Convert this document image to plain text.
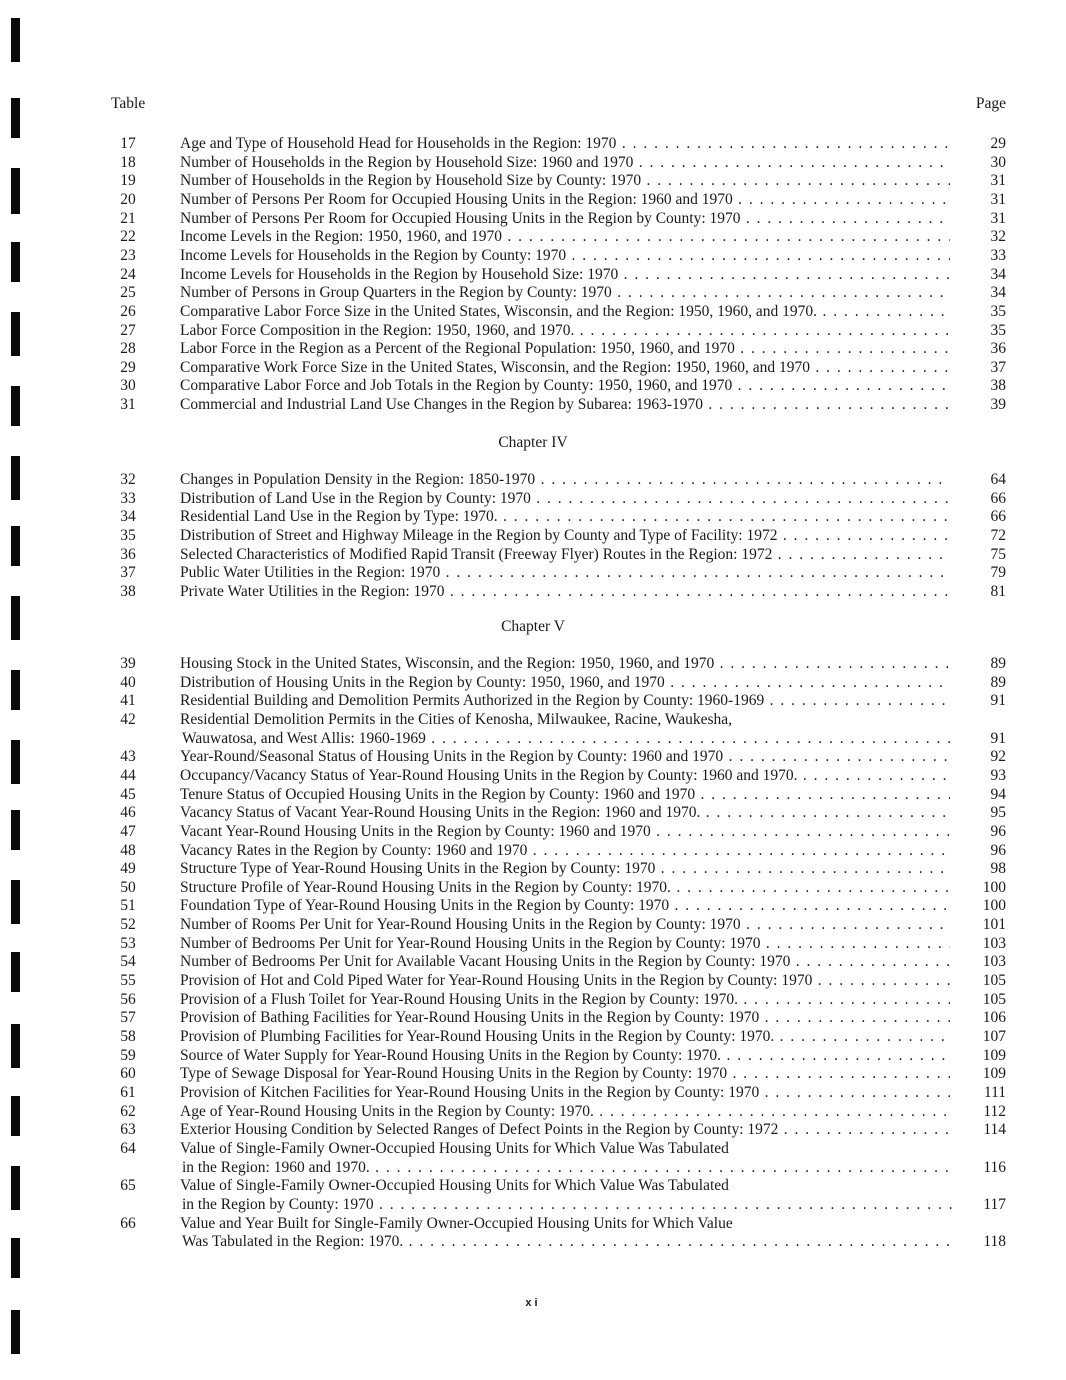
Table	Page
17	Age and Type of Household Head for Households in the Region: 1970 . . .	29
18	Number of Households in the Region by Household Size: 1960 and 1970 . . .	30
19	Number of Households in the Region by Household Size by County: 1970 . . .	31
20	Number of Persons Per Room for Occupied Housing Units in the Region: 1960 and 1970 . . .	31
21	Number of Persons Per Room for Occupied Housing Units in the Region by County: 1970 . . .	31
22	Income Levels in the Region: 1950, 1960, and 1970 . . .	32
23	Income Levels for Households in the Region by County: 1970 . . .	33
24	Income Levels for Households in the Region by Household Size: 1970 . . .	34
25	Number of Persons in Group Quarters in the Region by County: 1970 . . .	34
26	Comparative Labor Force Size in the United States, Wisconsin, and the Region: 1950, 1960, and 1970. . . .	35
27	Labor Force Composition in the Region: 1950, 1960, and 1970. . . .	35
28	Labor Force in the Region as a Percent of the Regional Population: 1950, 1960, and 1970 . . .	36
29	Comparative Work Force Size in the United States, Wisconsin, and the Region: 1950, 1960, and 1970 . . .	37
30	Comparative Labor Force and Job Totals in the Region by County: 1950, 1960, and 1970 . . .	38
31	Commercial and Industrial Land Use Changes in the Region by Subarea: 1963-1970 . . .	39
Chapter IV
32	Changes in Population Density in the Region: 1850-1970 . . .	64
33	Distribution of Land Use in the Region by County: 1970 . . .	66
34	Residential Land Use in the Region by Type: 1970. . . .	66
35	Distribution of Street and Highway Mileage in the Region by County and Type of Facility: 1972 . . .	72
36	Selected Characteristics of Modified Rapid Transit (Freeway Flyer) Routes in the Region: 1972 . . .	75
37	Public Water Utilities in the Region: 1970 . . .	79
38	Private Water Utilities in the Region: 1970 . . .	81
Chapter V
39	Housing Stock in the United States, Wisconsin, and the Region: 1950, 1960, and 1970 . . .	89
40	Distribution of Housing Units in the Region by County: 1950, 1960, and 1970 . . .	89
41	Residential Building and Demolition Permits Authorized in the Region by County: 1960-1969 . . .	91
42	Residential Demolition Permits in the Cities of Kenosha, Milwaukee, Racine, Waukesha,
Wauwatosa, and West Allis: 1960-1969 . . .	91
43	Year-Round/Seasonal Status of Housing Units in the Region by County: 1960 and 1970 . . .	92
44	Occupancy/Vacancy Status of Year-Round Housing Units in the Region by County: 1960 and 1970. . . .	93
45	Tenure Status of Occupied Housing Units in the Region by County: 1960 and 1970 . . .	94
46	Vacancy Status of Vacant Year-Round Housing Units in the Region: 1960 and 1970. . . .	95
47	Vacant Year-Round Housing Units in the Region by County: 1960 and 1970 . . .	96
48	Vacancy Rates in the Region by County: 1960 and 1970 . . .	96
49	Structure Type of Year-Round Housing Units in the Region by County: 1970 . . .	98
50	Structure Profile of Year-Round Housing Units in the Region by County: 1970. . . .	100
51	Foundation Type of Year-Round Housing Units in the Region by County: 1970 . . .	100
52	Number of Rooms Per Unit for Year-Round Housing Units in the Region by County: 1970 . . .	101
53	Number of Bedrooms Per Unit for Year-Round Housing Units in the Region by County: 1970 . . .	103
54	Number of Bedrooms Per Unit for Available Vacant Housing Units in the Region by County: 1970 . . .	103
55	Provision of Hot and Cold Piped Water for Year-Round Housing Units in the Region by County: 1970 . . .	105
56	Provision of a Flush Toilet for Year-Round Housing Units in the Region by County: 1970. . . .	105
57	Provision of Bathing Facilities for Year-Round Housing Units in the Region by County: 1970 . . .	106
58	Provision of Plumbing Facilities for Year-Round Housing Units in the Region by County: 1970. . . .	107
59	Source of Water Supply for Year-Round Housing Units in the Region by County: 1970. . . .	109
60	Type of Sewage Disposal for Year-Round Housing Units in the Region by County: 1970 . . .	109
61	Provision of Kitchen Facilities for Year-Round Housing Units in the Region by County: 1970 . . .	111
62	Age of Year-Round Housing Units in the Region by County: 1970. . . .	112
63	Exterior Housing Condition by Selected Ranges of Defect Points in the Region by County: 1972 . . .	114
64	Value of Single-Family Owner-Occupied Housing Units for Which Value Was Tabulated
in the Region: 1960 and 1970. . . .	116
65	Value of Single-Family Owner-Occupied Housing Units for Which Value Was Tabulated
in the Region by County: 1970 . . .	117
66	Value and Year Built for Single-Family Owner-Occupied Housing Units for Which Value
Was Tabulated in the Region: 1970. . . .	118
xi
